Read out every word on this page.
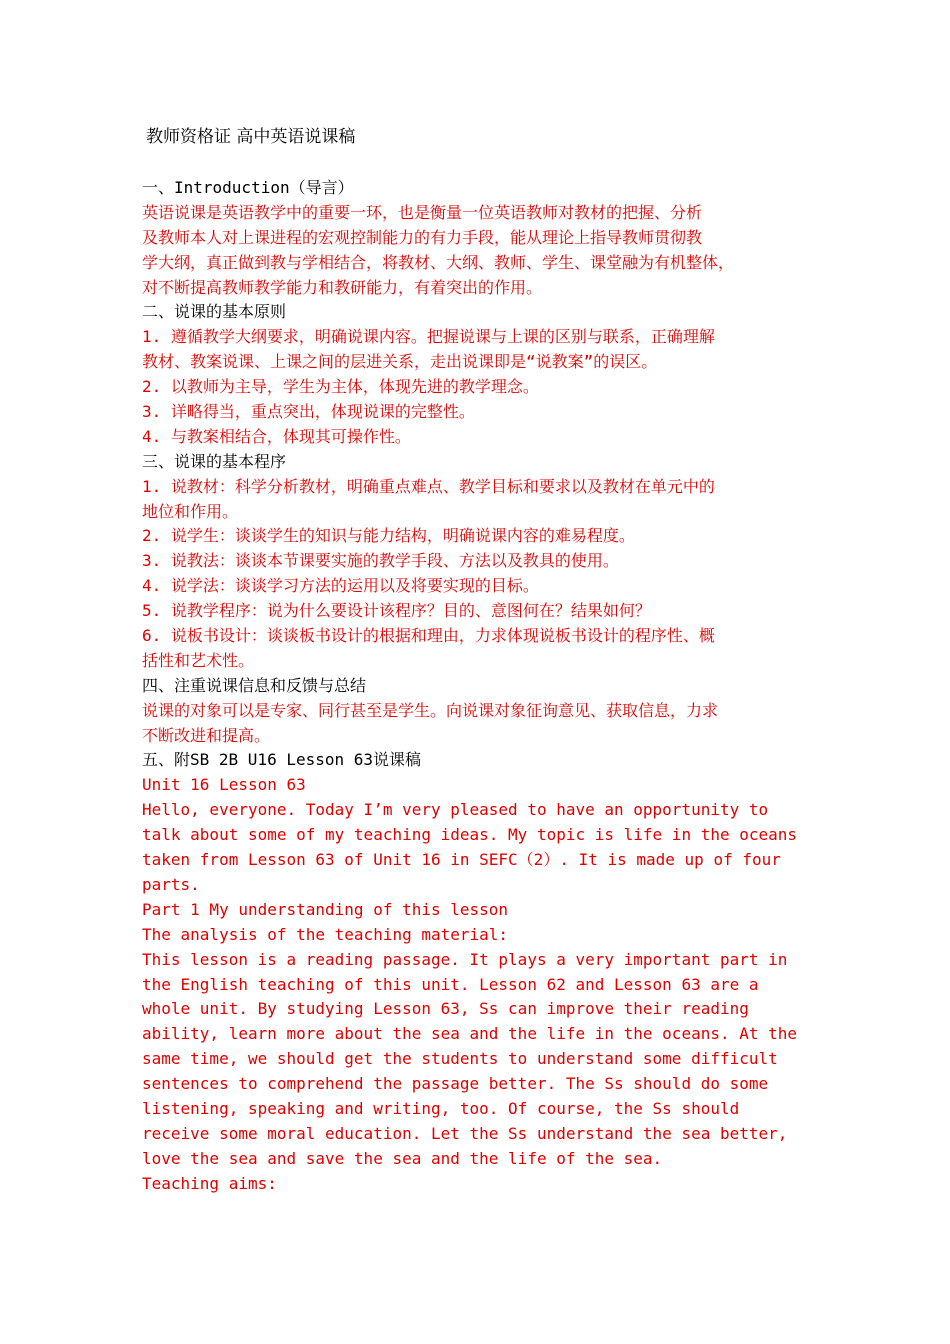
教师资格证 高中英语说课稿
一、Introduction（导言）
英语说课是英语教学中的重要一环，也是衡量一位英语教师对教材的把握、分析
及教师本人对上课进程的宏观控制能力的有力手段，能从理论上指导教师贯彻教
学大纲，真正做到教与学相结合，将教材、大纲、教师、学生、课堂融为有机整体，
对不断提高教师教学能力和教研能力，有着突出的作用。
二、说课的基本原则
1. 遵循教学大纲要求，明确说课内容。把握说课与上课的区别与联系，正确理解
教材、教案说课、上课之间的层进关系，走出说课即是“说教案”的误区。
2. 以教师为主导，学生为主体，体现先进的教学理念。
3. 详略得当，重点突出，体现说课的完整性。
4. 与教案相结合，体现其可操作性。
三、说课的基本程序
1. 说教材：科学分析教材，明确重点难点、教学目标和要求以及教材在单元中的
地位和作用。
2. 说学生：谈谈学生的知识与能力结构，明确说课内容的难易程度。
3. 说教法：谈谈本节课要实施的教学手段、方法以及教具的使用。
4. 说学法：谈谈学习方法的运用以及将要实现的目标。
5. 说教学程序：说为什么要设计该程序？目的、意图何在？结果如何？
6. 说板书设计：谈谈板书设计的根据和理由，力求体现说板书设计的程序性、概
括性和艺术性。
四、注重说课信息和反馈与总结
说课的对象可以是专家、同行甚至是学生。向说课对象征询意见、获取信息，力求
不断改进和提高。
五、附SB 2B U16 Lesson 63说课稿
Unit 16 Lesson 63
Hello, everyone. Today I’m very pleased to have an opportunity to
talk about some of my teaching ideas. My topic is life in the oceans
taken from Lesson 63 of Unit 16 in SEFC（2）. It is made up of four
parts.
Part 1 My understanding of this lesson
The analysis of the teaching material:
This lesson is a reading passage. It plays a very important part in
the English teaching of this unit. Lesson 62 and Lesson 63 are a
whole unit. By studying Lesson 63, Ss can improve their reading
ability, learn more about the sea and the life in the oceans. At the
same time, we should get the students to understand some difficult
sentences to comprehend the passage better. The Ss should do some
listening, speaking and writing, too. Of course, the Ss should
receive some moral education. Let the Ss understand the sea better,
love the sea and save the sea and the life of the sea.
Teaching aims:
